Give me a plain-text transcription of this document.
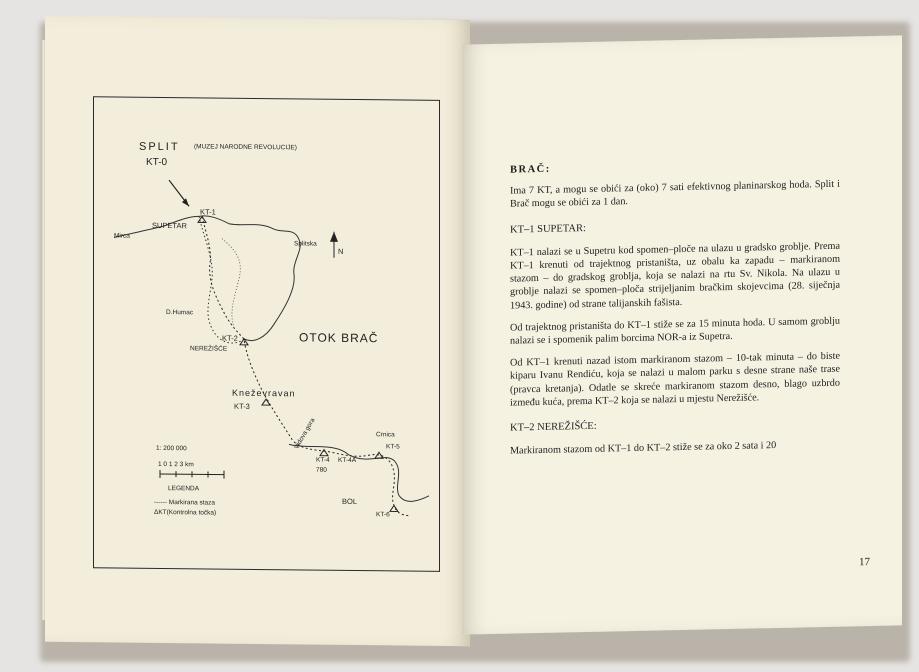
SPLIT (MUZEJ NARODNE REVOLUCIJE)
KT-0
KT-1
SUPETAR
Mirca
Splitska
N
D.Humac
KT-2
NEREŽIŠĆE
OTOK BRAČ
Kneževravan
KT-3
1: 200 000
1 0 1 2 3 km
LEGENDA
------ Markirana staza
ΔKT(Kontrolna točka)
Vidova gora
KT-4 KT-4A
780
Crnica
KT-5
BOL
KT-6
BRAČ:

Ima 7 KT, a mogu se obići za (oko) 7 sati efektivnog planinarskog hoda. Split i Brač mogu se obići za 1 dan.

KT–1 SUPETAR:

KT–1 nalazi se u Supetru kod spomen–ploče na ulazu u gradsko groblje. Prema KT–1 krenuti od trajektnog pristaništa, uz obalu ka zapadu – markiranom stazom – do gradskog groblja, koja se nalazi na rtu Sv. Nikola. Na ulazu u groblje nalazi se spomen–ploča strijeljanim bračkim skojevcima (28. siječnja 1943. godine) od strane talijanskih fašista.

Od trajektnog pristaništa do KT–1 stiže se za 15 minuta hoda. U samom groblju nalazi se i spomenik palim borcima NOR-a iz Supetra.

Od KT–1 krenuti nazad istom markiranom stazom – 10-tak minuta – do biste kiparu Ivanu Rendiću, koja se nalazi u malom parku s desne strane naše trase (pravca kretanja). Odatle se skreće markiranom stazom desno, blago uzbrdo između kuća, prema KT–2 koja se nalazi u mjestu Nerežišće.

KT–2 NEREŽIŠĆE:

Markiranom stazom od KT–1 do KT–2 stiže se za oko 2 sata i 20

17
